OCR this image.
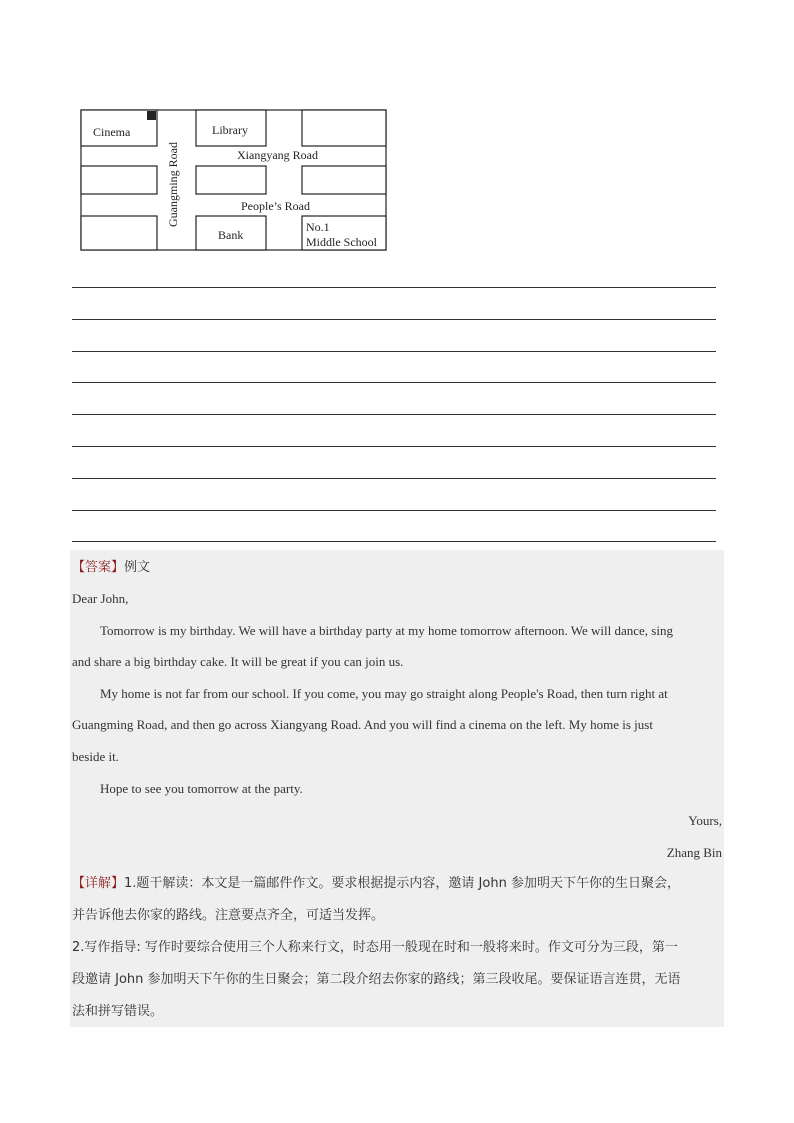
Cinema	Library
Bank
No.1
Middle School
Xiangyang Road
People’s Road
Guangming Road
【答案】例文
Dear John,
Tomorrow is my birthday. We will have a birthday party at my home tomorrow afternoon. We will dance, sing
and share a big birthday cake. It will be great if you can join us.
My home is not far from our school. If you come, you may go straight along People's Road, then turn right at
Guangming Road, and then go across Xiangyang Road. And you will find a cinema on the left. My home is just
beside it.
Hope to see you tomorrow at the party.
Yours,
Zhang Bin
【详解】1.题干解读：本文是一篇邮件作文。要求根据提示内容，邀请 John 参加明天下午你的生日聚会，
并告诉他去你家的路线。注意要点齐全，可适当发挥。
2.写作指导: 写作时要综合使用三个人称来行文，时态用一般现在时和一般将来时。作文可分为三段，第一
段邀请 John 参加明天下午你的生日聚会；第二段介绍去你家的路线；第三段收尾。要保证语言连贯，无语
法和拼写错误。
